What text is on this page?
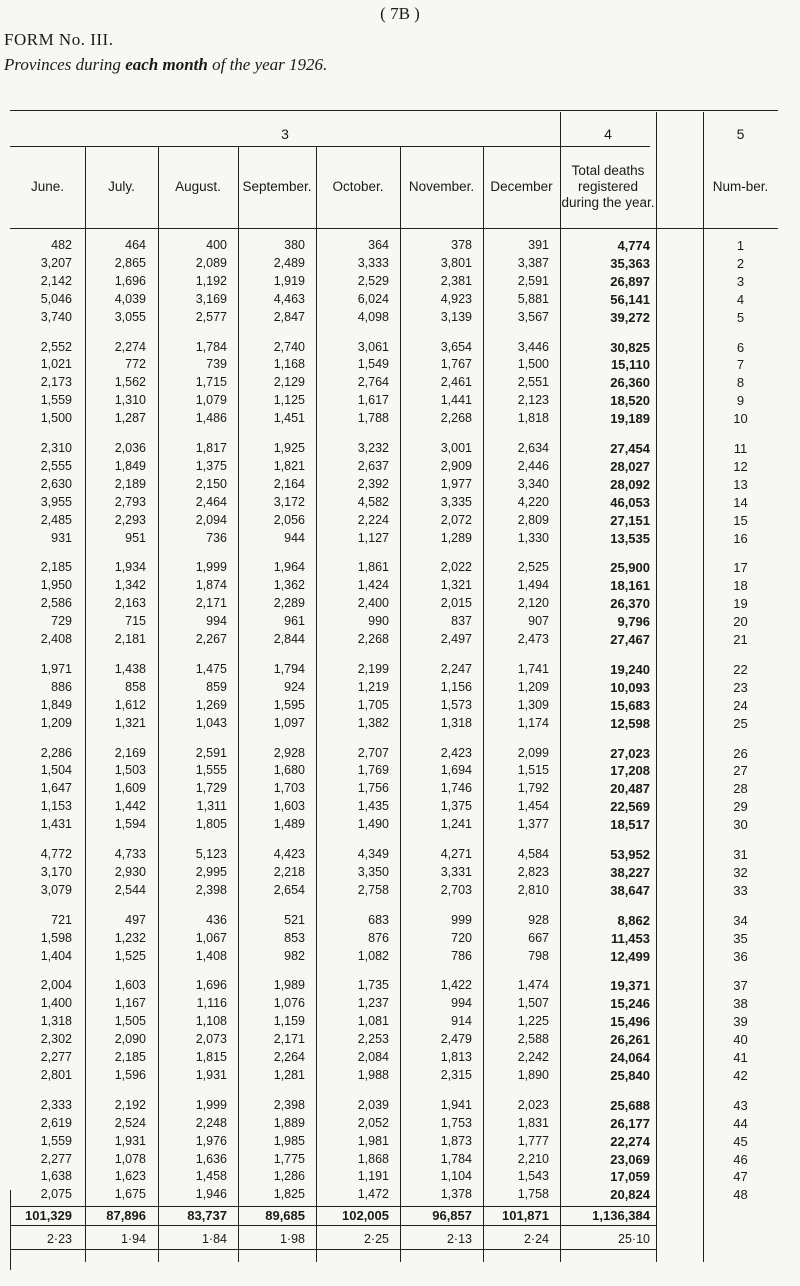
( 7B )
FORM No. III.
Provinces during each month of the year 1926.
3	4	5
June.	July.	August.	September.	October.	November.	December
Total deaths registered during the year.
Num-ber.
482	464	400	380	364	378	391	4,774	1
3,207	2,865	2,089	2,489	3,333	3,801	3,387	35,363	2
2,142	1,696	1,192	1,919	2,529	2,381	2,591	26,897	3
5,046	4,039	3,169	4,463	6,024	4,923	5,881	56,141	4
3,740	3,055	2,577	2,847	4,098	3,139	3,567	39,272	5
2,552	2,274	1,784	2,740	3,061	3,654	3,446	30,825	6
1,021	772	739	1,168	1,549	1,767	1,500	15,110	7
2,173	1,562	1,715	2,129	2,764	2,461	2,551	26,360	8
1,559	1,310	1,079	1,125	1,617	1,441	2,123	18,520	9
1,500	1,287	1,486	1,451	1,788	2,268	1,818	19,189	10
2,310	2,036	1,817	1,925	3,232	3,001	2,634	27,454	11
2,555	1,849	1,375	1,821	2,637	2,909	2,446	28,027	12
2,630	2,189	2,150	2,164	2,392	1,977	3,340	28,092	13
3,955	2,793	2,464	3,172	4,582	3,335	4,220	46,053	14
2,485	2,293	2,094	2,056	2,224	2,072	2,809	27,151	15
931	951	736	944	1,127	1,289	1,330	13,535	16
2,185	1,934	1,999	1,964	1,861	2,022	2,525	25,900	17
1,950	1,342	1,874	1,362	1,424	1,321	1,494	18,161	18
2,586	2,163	2,171	2,289	2,400	2,015	2,120	26,370	19
729	715	994	961	990	837	907	9,796	20
2,408	2,181	2,267	2,844	2,268	2,497	2,473	27,467	21
1,971	1,438	1,475	1,794	2,199	2,247	1,741	19,240	22
886	858	859	924	1,219	1,156	1,209	10,093	23
1,849	1,612	1,269	1,595	1,705	1,573	1,309	15,683	24
1,209	1,321	1,043	1,097	1,382	1,318	1,174	12,598	25
2,286	2,169	2,591	2,928	2,707	2,423	2,099	27,023	26
1,504	1,503	1,555	1,680	1,769	1,694	1,515	17,208	27
1,647	1,609	1,729	1,703	1,756	1,746	1,792	20,487	28
1,153	1,442	1,311	1,603	1,435	1,375	1,454	22,569	29
1,431	1,594	1,805	1,489	1,490	1,241	1,377	18,517	30
4,772	4,733	5,123	4,423	4,349	4,271	4,584	53,952	31
3,170	2,930	2,995	2,218	3,350	3,331	2,823	38,227	32
3,079	2,544	2,398	2,654	2,758	2,703	2,810	38,647	33
721	497	436	521	683	999	928	8,862	34
1,598	1,232	1,067	853	876	720	667	11,453	35
1,404	1,525	1,408	982	1,082	786	798	12,499	36
2,004	1,603	1,696	1,989	1,735	1,422	1,474	19,371	37
1,400	1,167	1,116	1,076	1,237	994	1,507	15,246	38
1,318	1,505	1,108	1,159	1,081	914	1,225	15,496	39
2,302	2,090	2,073	2,171	2,253	2,479	2,588	26,261	40
2,277	2,185	1,815	2,264	2,084	1,813	2,242	24,064	41
2,801	1,596	1,931	1,281	1,988	2,315	1,890	25,840	42
2,333	2,192	1,999	2,398	2,039	1,941	2,023	25,688	43
2,619	2,524	2,248	1,889	2,052	1,753	1,831	26,177	44
1,559	1,931	1,976	1,985	1,981	1,873	1,777	22,274	45
2,277	1,078	1,636	1,775	1,868	1,784	2,210	23,069	46
1,638	1,623	1,458	1,286	1,191	1,104	1,543	17,059	47
2,075	1,675	1,946	1,825	1,472	1,378	1,758	20,824	48
101,329	87,896	83,737	89,685	102,005	96,857	101,871	1,136,384
2·23	1·94	1·84	1·98	2·25	2·13	2·24	25·10
